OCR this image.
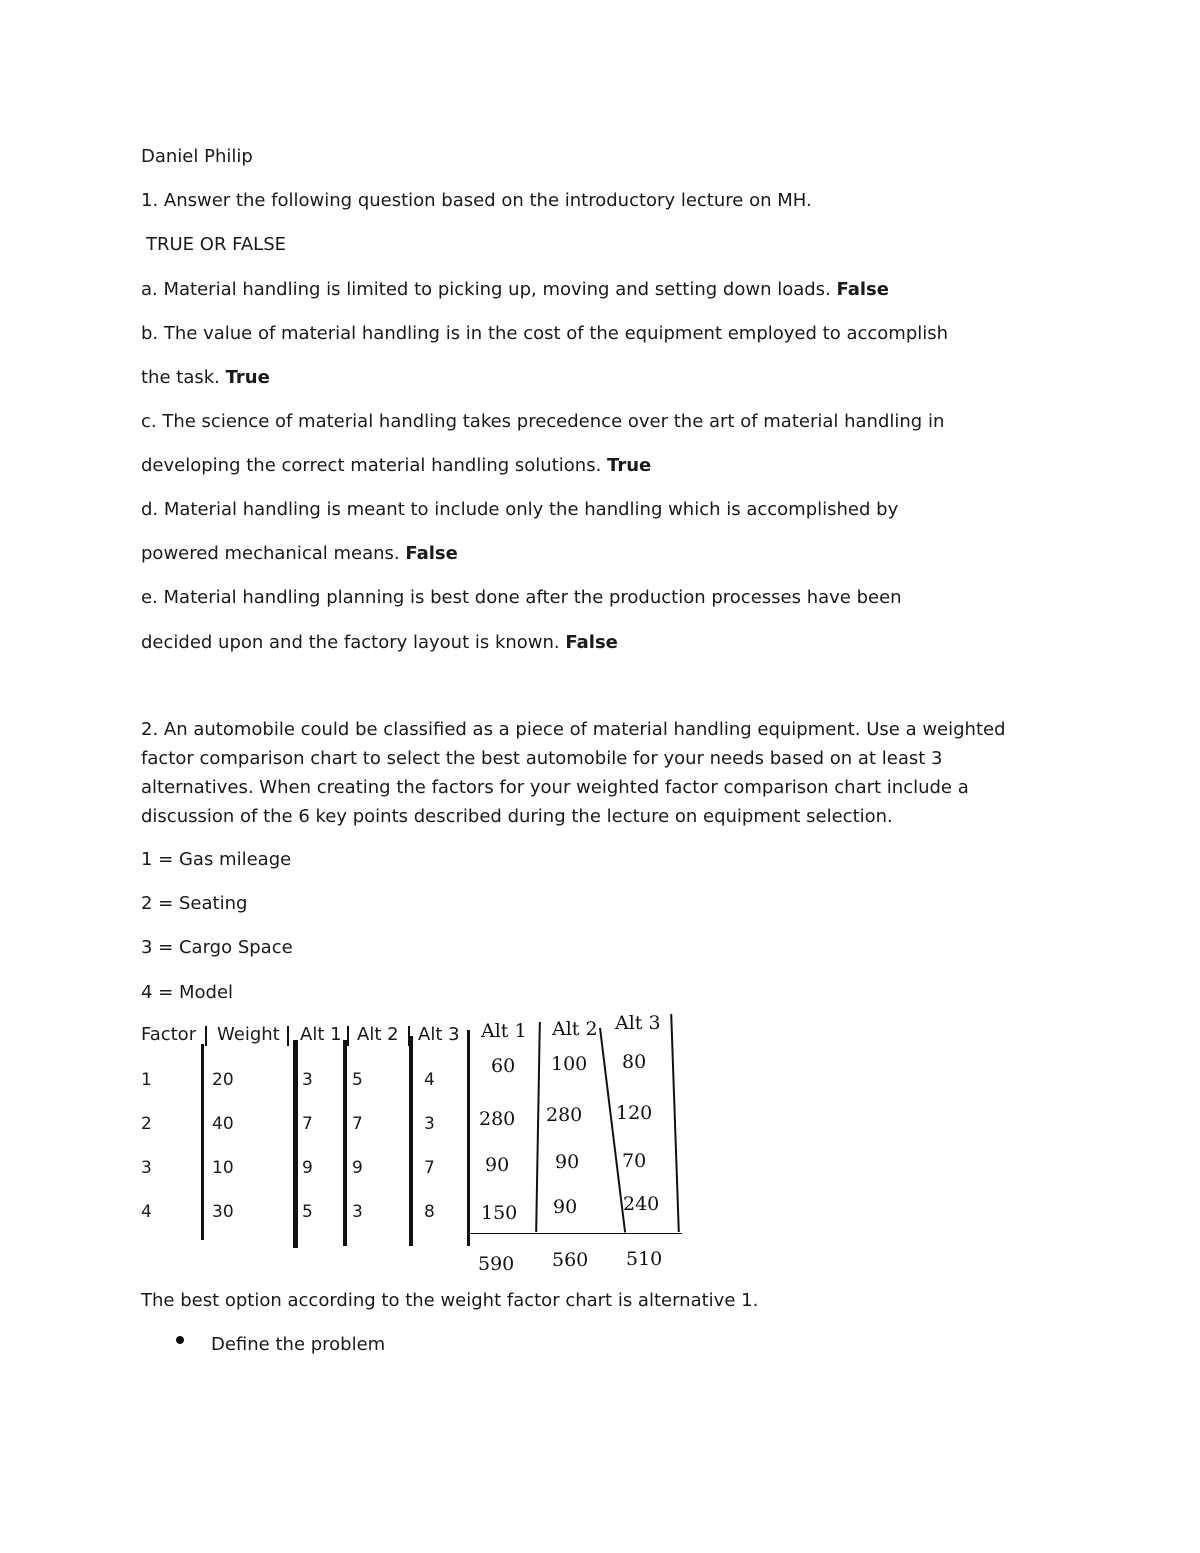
Daniel Philip
1. Answer the following question based on the introductory lecture on MH.
TRUE OR FALSE
a. Material handling is limited to picking up, moving and setting down loads. False
b. The value of material handling is in the cost of the equipment employed to accomplish
the task. True
c. The science of material handling takes precedence over the art of material handling in
developing the correct material handling solutions. True
d. Material handling is meant to include only the handling which is accomplished by
powered mechanical means. False
e. Material handling planning is best done after the production processes have been
decided upon and the factory layout is known. False
2. An automobile could be classified as a piece of material handling equipment. Use a weighted factor comparison chart to select the best automobile for your needs based on at least 3 alternatives. When creating the factors for your weighted factor comparison chart include a discussion of the 6 key points described during the lecture on equipment selection.
1 = Gas mileage
2 = Seating
3 = Cargo Space
4 = Model
Factor Weight Alt 1 Alt 2 Alt 3
1	20	3 5	4
2	40	7 7	3
3	10	9 9	7
4	30	5 3	8
Alt 1 Alt 2 Alt 3
60 100 80
280 280 120
90 90 70
150 90 240
590 560 510
The best option according to the weight factor chart is alternative 1.
Define the problem
